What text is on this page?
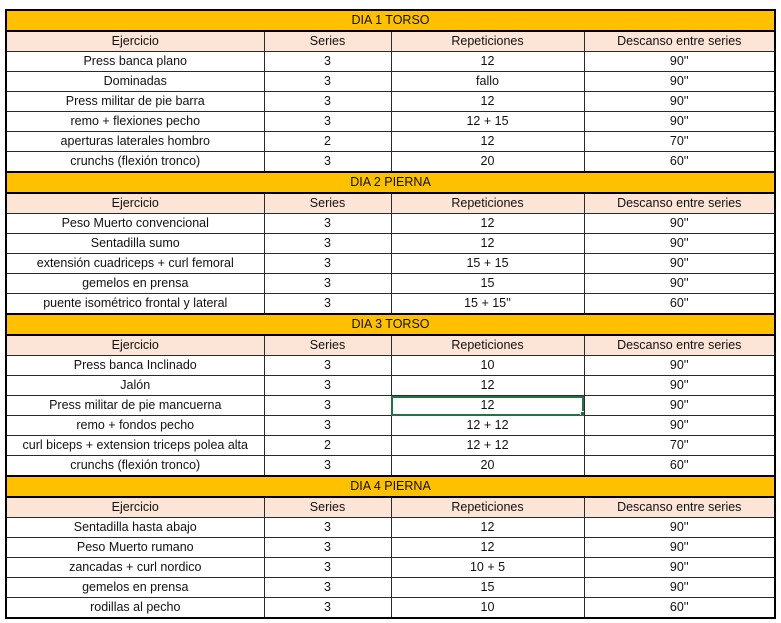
DIA 1 TORSO			
Ejercicio	Series	Repeticiones	Descanso entre series
Press banca plano	3	12	90''
Dominadas	3	fallo	90''
Press militar de pie barra	3	12	90''
remo + flexiones pecho	3	12 + 15	90''
aperturas laterales hombro	2	12	70''
crunchs (flexión tronco)	3	20	60''
DIA 2 PIERNA			
Ejercicio	Series	Repeticiones	Descanso entre series
Peso Muerto convencional	3	12	90''
Sentadilla sumo	3	12	90''
extensión cuadriceps + curl femoral	3	15 + 15	90''
gemelos en prensa	3	15	90''
puente isométrico frontal y lateral	3	15 + 15''	60''
DIA 3 TORSO			
Ejercicio	Series	Repeticiones	Descanso entre series
Press banca Inclinado	3	10	90''
Jalón	3	12	90''
Press militar de pie mancuerna	3	12	90''
remo + fondos pecho	3	12 + 12	90''
curl biceps + extension triceps polea alta	2	12 + 12	70''
crunchs (flexión tronco)	3	20	60''
DIA 4 PIERNA			
Ejercicio	Series	Repeticiones	Descanso entre series
Sentadilla hasta abajo	3	12	90''
Peso Muerto rumano	3	12	90''
zancadas + curl nordico	3	10 + 5	90''
gemelos en prensa	3	15	90''
rodillas al pecho	3	10	60''
